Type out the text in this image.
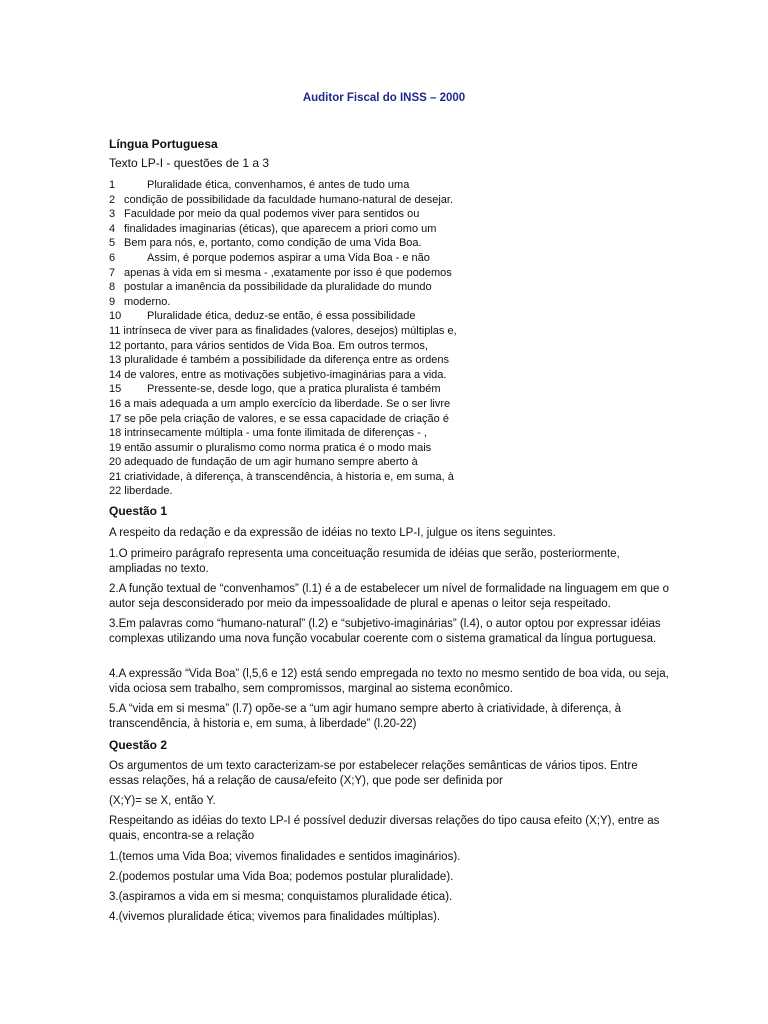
Auditor Fiscal do INSS – 2000
Língua Portuguesa
Texto LP-I - questões de 1 a 3
1	Pluralidade ética, convenhamos, é antes de tudo uma
2 condição de possibilidade da faculdade humano-natural de desejar.
3 Faculdade por meio da qual podemos viver para sentidos ou
4 finalidades imaginarias (éticas), que aparecem a priori como um
5 Bem para nós, e, portanto, como condição de uma Vida Boa.
6	Assim, é porque podemos aspirar a uma Vida Boa - e não
7 apenas à vida em si mesma - ,exatamente por isso é que podemos
8 postular a imanência da possibilidade da pluralidade do mundo
9 moderno.
10 Pluralidade ética, deduz-se então, é essa possibilidade
11 intrínseca de viver para as finalidades (valores, desejos) múltiplas e,
12 portanto, para vários sentidos de Vida Boa. Em outros termos,
13 pluralidade é também a possibilidade da diferença entre as ordens
14 de valores, entre as motivações subjetivo-imaginárias para a vida.
15 Pressente-se, desde logo, que a pratica pluralista é também
16 a mais adequada a um amplo exercício da liberdade. Se o ser livre
17 se põe pela criação de valores, e se essa capacidade de criação é
18 intrinsecamente múltipla - uma fonte ilimitada de diferenças - ,
19 então assumir o pluralismo como norma pratica é o modo mais
20 adequado de fundação de um agir humano sempre aberto à
21 criatividade, à diferença, à transcendência, à historia e, em suma, à
22 liberdade.
Questão 1
A respeito da redação e da expressão de idéias no texto LP-I, julgue os itens seguintes.
1.O primeiro parágrafo representa uma conceituação resumida de idéias que serão, posteriormente, ampliadas no texto.
2.A função textual de “convenhamos” (l.1) é a de estabelecer um nível de formalidade na linguagem em que o autor seja desconsiderado por meio da impessoalidade de plural e apenas o leitor seja respeitado.
3.Em palavras como “humano-natural” (l.2) e “subjetivo-imaginárias” (l.4), o autor optou por expressar idéias complexas utilizando uma nova função vocabular coerente com o sistema gramatical da língua portuguesa.
4.A expressão “Vida Boa” (l,5,6 e 12) está sendo empregada no texto no mesmo sentido de boa vida, ou seja, vida ociosa sem trabalho, sem compromissos, marginal ao sistema econômico.
5.A “vida em si mesma” (l.7) opõe-se a “um agir humano sempre aberto à criatividade, à diferença, à transcendência, à historia e, em suma, à liberdade” (l.20-22)
Questão 2
Os argumentos de um texto caracterizam-se por estabelecer relações semânticas de vários tipos. Entre essas relações, há a relação de causa/efeito (X;Y), que pode ser definida por
(X;Y)= se X, então Y.
Respeitando as idéias do texto LP-I é possível deduzir diversas relações do tipo causa efeito (X;Y), entre as quais, encontra-se a relação
1.(temos uma Vida Boa; vivemos finalidades e sentidos imaginários).
2.(podemos postular uma Vida Boa; podemos postular pluralidade).
3.(aspiramos a vida em si mesma; conquistamos pluralidade ética).
4.(vivemos pluralidade ética; vivemos para finalidades múltiplas).
